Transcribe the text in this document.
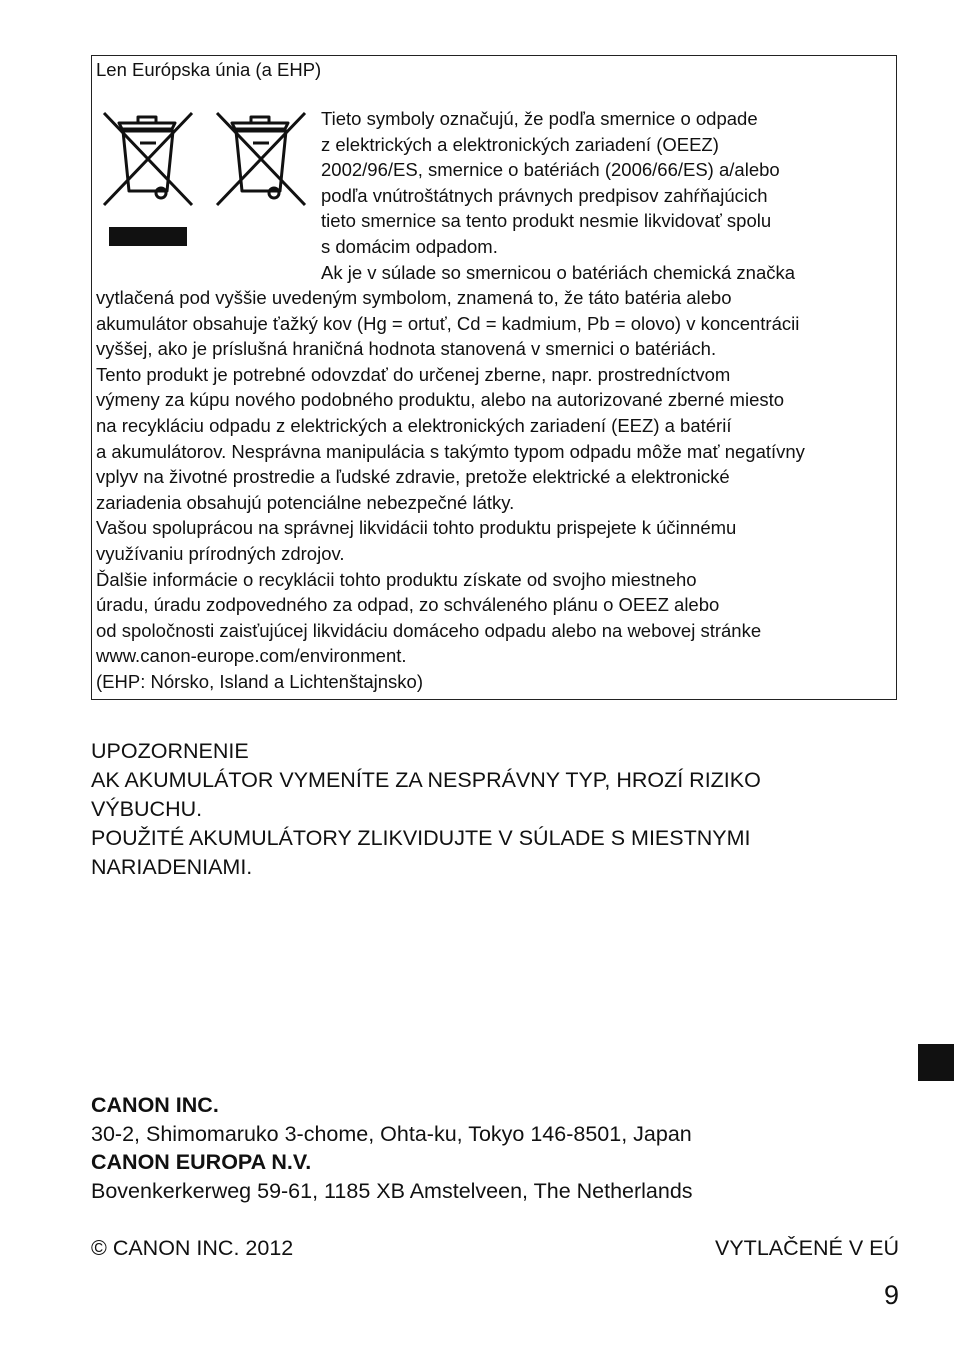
Len Európska únia (a EHP)
Tieto symboly označujú, že podľa smernice o odpade
z elektrických a elektronických zariadení (OEEZ)
2002/96/ES, smernice o batériách (2006/66/ES) a/alebo
podľa vnútroštátnych právnych predpisov zahŕňajúcich
tieto smernice sa tento produkt nesmie likvidovať spolu
s domácim odpadom.
Ak je v súlade so smernicou o batériách chemická značka
vytlačená pod vyššie uvedeným symbolom, znamená to, že táto batéria alebo
akumulátor obsahuje ťažký kov (Hg = ortuť, Cd = kadmium, Pb = olovo) v koncentrácii
vyššej, ako je príslušná hraničná hodnota stanovená v smernici o batériách.
Tento produkt je potrebné odovzdať do určenej zberne, napr. prostredníctvom
výmeny za kúpu nového podobného produktu, alebo na autorizované zberné miesto
na recykláciu odpadu z elektrických a elektronických zariadení (EEZ) a batérií
a akumulátorov. Nesprávna manipulácia s takýmto typom odpadu môže mať negatívny
vplyv na životné prostredie a ľudské zdravie, pretože elektrické a elektronické
zariadenia obsahujú potenciálne nebezpečné látky.
Vašou spoluprácou na správnej likvidácii tohto produktu prispejete k účinnému
využívaniu prírodných zdrojov.
Ďalšie informácie o recyklácii tohto produktu získate od svojho miestneho
úradu, úradu zodpovedného za odpad, zo schváleného plánu o OEEZ alebo
od spoločnosti zaisťujúcej likvidáciu domáceho odpadu alebo na webovej stránke
www.canon-europe.com/environment.
(EHP: Nórsko, Island a Lichtenštajnsko)
UPOZORNENIE
AK AKUMULÁTOR VYMENÍTE ZA NESPRÁVNY TYP, HROZÍ RIZIKO
VÝBUCHU.
POUŽITÉ AKUMULÁTORY ZLIKVIDUJTE V SÚLADE S MIESTNYMI
NARIADENIAMI.
CANON INC.
30-2, Shimomaruko 3-chome, Ohta-ku, Tokyo 146-8501, Japan
CANON EUROPA N.V.
Bovenkerkerweg 59-61, 1185 XB Amstelveen, The Netherlands
© CANON INC. 2012	VYTLAČENÉ V EÚ
9
